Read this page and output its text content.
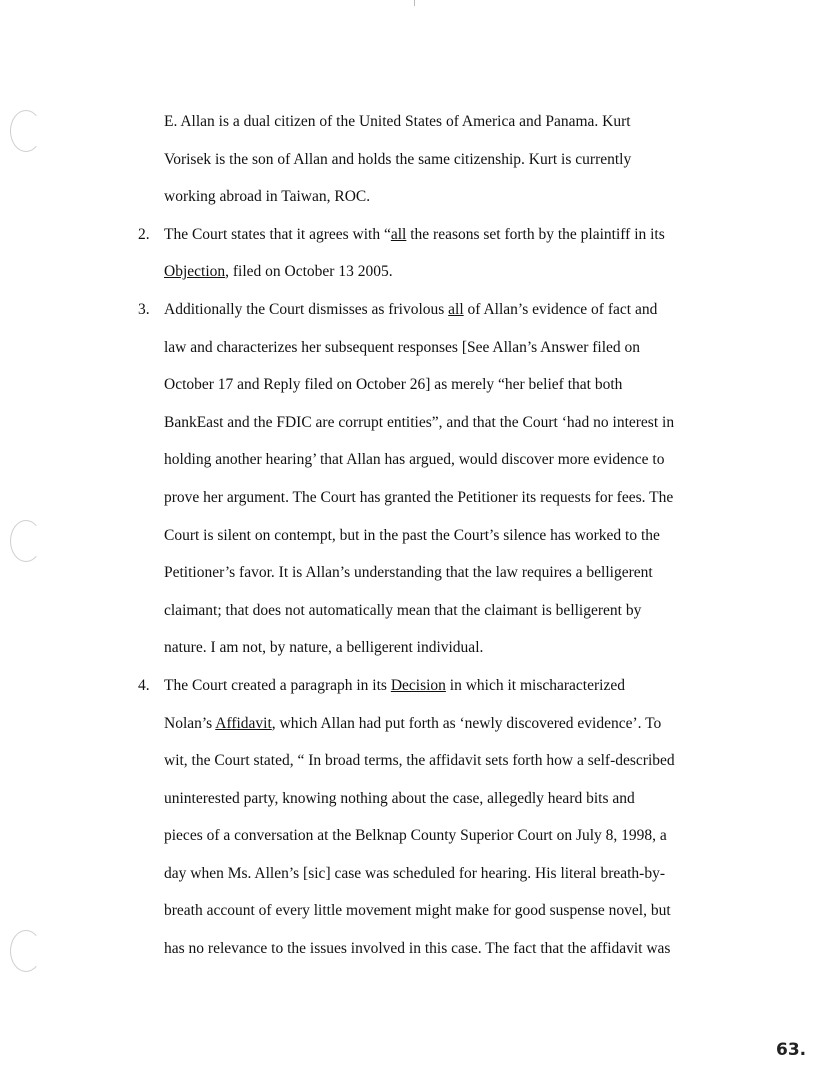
E. Allan is a dual citizen of the United States of America and Panama. Kurt
Vorisek is the son of Allan and holds the same citizenship. Kurt is currently
working abroad in Taiwan, ROC.
2. The Court states that it agrees with “all the reasons set forth by the plaintiff in its
Objection, filed on October 13 2005.
3. Additionally the Court dismisses as frivolous all of Allan’s evidence of fact and
law and characterizes her subsequent responses [See Allan’s Answer filed on
October 17 and Reply filed on October 26] as merely “her belief that both
BankEast and the FDIC are corrupt entities”, and that the Court ‘had no interest in
holding another hearing’ that Allan has argued, would discover more evidence to
prove her argument. The Court has granted the Petitioner its requests for fees. The
Court is silent on contempt, but in the past the Court’s silence has worked to the
Petitioner’s favor. It is Allan’s understanding that the law requires a belligerent
claimant; that does not automatically mean that the claimant is belligerent by
nature. I am not, by nature, a belligerent individual.
4. The Court created a paragraph in its Decision in which it mischaracterized
Nolan’s Affidavit, which Allan had put forth as ‘newly discovered evidence’. To
wit, the Court stated, “ In broad terms, the affidavit sets forth how a self-described
uninterested party, knowing nothing about the case, allegedly heard bits and
pieces of a conversation at the Belknap County Superior Court on July 8, 1998, a
day when Ms. Allen’s [sic] case was scheduled for hearing. His literal breath-by-
breath account of every little movement might make for good suspense novel, but
has no relevance to the issues involved in this case. The fact that the affidavit was
63.
